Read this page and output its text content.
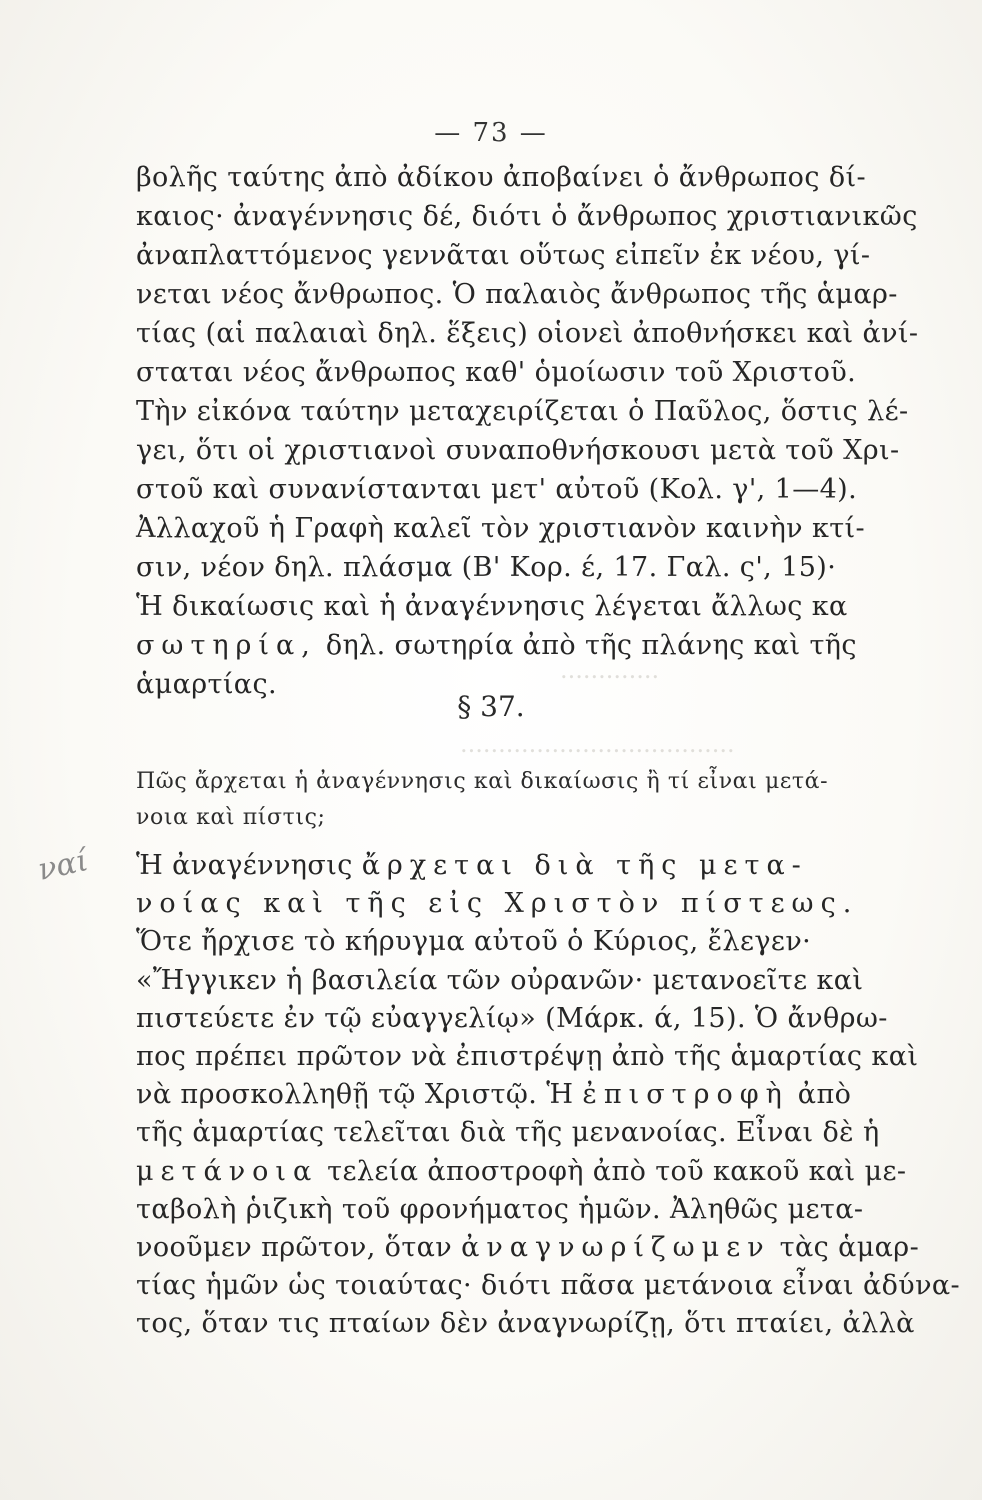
— 73 —
βολῆς ταύτης ἀπὸ ἀδίκου ἀποβαίνει ὁ ἄνθρωπος δί-
καιος· ἀναγέννησις δέ, διότι ὁ ἄνθρωπος χριστιανικῶς
ἀναπλαττόμενος γεννᾶται οὕτως εἰπεῖν ἐκ νέου, γί-
νεται νέος ἄνθρωπος. Ὁ παλαιὸς ἄνθρωπος τῆς ἁμαρ-
τίας (αἱ παλαιαὶ δηλ. ἕξεις) οἱονεὶ ἀποθνήσκει καὶ ἀνί-
σταται νέος ἄνθρωπος καθ' ὁμοίωσιν τοῦ Χριστοῦ.
Τὴν εἰκόνα ταύτην μεταχειρίζεται ὁ Παῦλος, ὅστις λέ-
γει, ὅτι οἱ χριστιανοὶ συναποθνήσκουσι μετὰ τοῦ Χρι-
στοῦ καὶ συνανίστανται μετ' αὐτοῦ (Κολ. γ', 1—4).
Ἀλλαχοῦ ἡ Γραφὴ καλεῖ τὸν χριστιανὸν καινὴν κτί-
σιν, νέον δηλ. πλάσμα (Β' Κορ. έ, 17. Γαλ. ς', 15)·
Ἡ δικαίωσις καὶ ἡ ἀναγέννησις λέγεται ἄλλως κα
σωτηρία, δηλ. σωτηρία ἀπὸ τῆς πλάνης καὶ τῆς
ἁμαρτίας.	.............
....................................
§ 37.
Πῶς ἄρχεται ἡ ἀναγέννησις καὶ δικαίωσις ἢ τί εἶναι μετά-
νοια καὶ πίστις;
ναί Ἡ ἀναγέννησις ἄρχεται διὰ τῆς μετα-
νοίας καὶ τῆς εἰς Χριστὸν πίστεως.
Ὅτε ἤρχισε τὸ κήρυγμα αὐτοῦ ὁ Κύριος, ἔλεγεν·
«Ἤγγικεν ἡ βασιλεία τῶν οὐρανῶν· μετανοεῖτε καὶ
πιστεύετε ἐν τῷ εὐαγγελίῳ» (Μάρκ. ά, 15). Ὁ ἄνθρω-
πος πρέπει πρῶτον νὰ ἐπιστρέψῃ ἀπὸ τῆς ἁμαρτίας καὶ
νὰ προσκολληθῇ τῷ Χριστῷ. Ἡ ἐπιστροφὴ ἀπὸ
τῆς ἁμαρτίας τελεῖται διὰ τῆς μενανοίας. Εἶναι δὲ ἡ
μετάνοια τελεία ἀποστροφὴ ἀπὸ τοῦ κακοῦ καὶ με-
ταβολὴ ῥιζικὴ τοῦ φρονήματος ἡμῶν. Ἀληθῶς μετα-
νοοῦμεν πρῶτον, ὅταν ἀναγνωρίζωμεν τὰς ἁμαρ-
τίας ἡμῶν ὡς τοιαύτας· διότι πᾶσα μετάνοια εἶναι ἀδύνα-
τος, ὅταν τις πταίων δὲν ἀναγνωρίζῃ, ὅτι πταίει, ἀλλὰ
